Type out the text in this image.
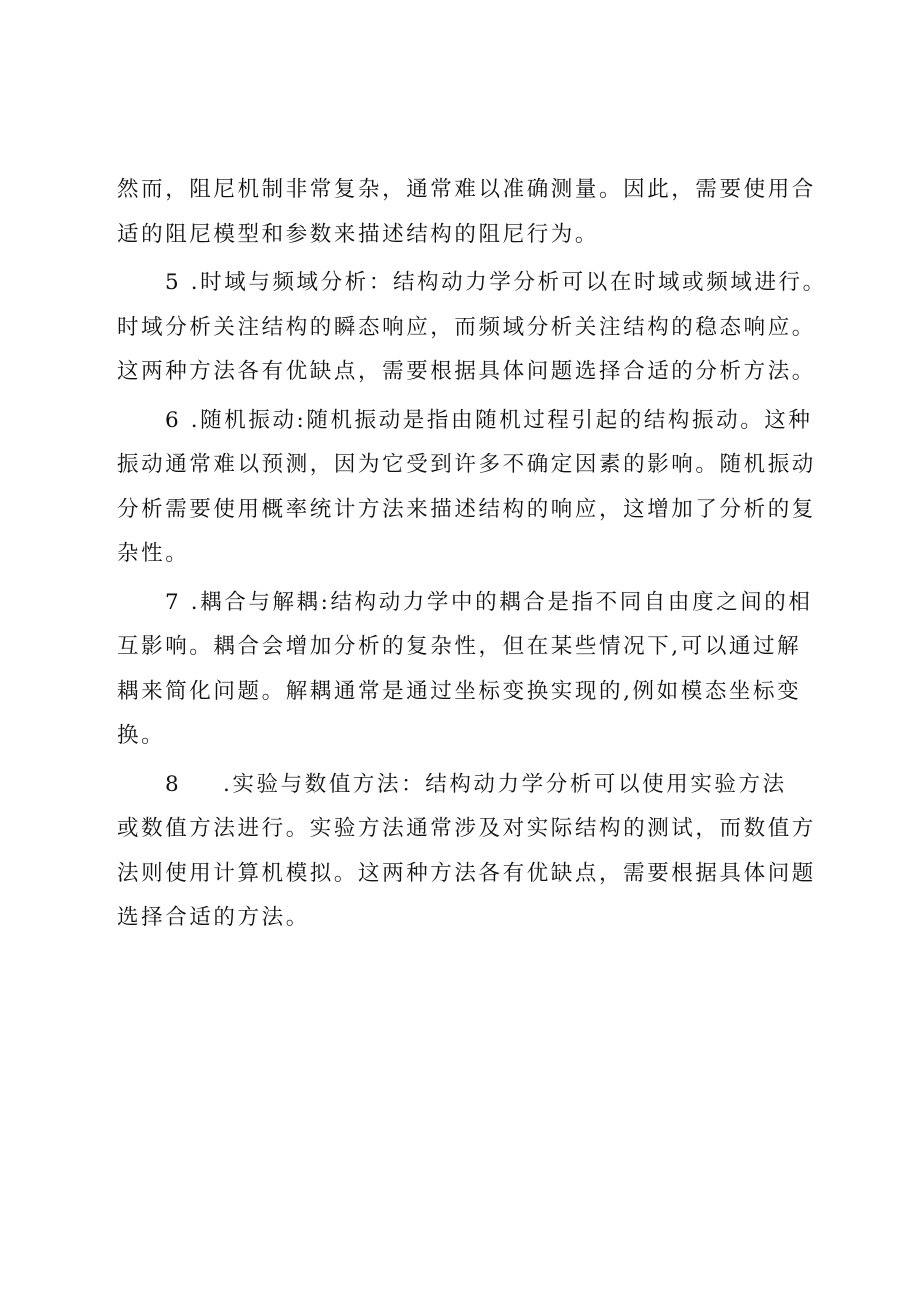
然而，阻尼机制非常复杂，通常难以准确测量。因此，需要使用合
适的阻尼模型和参数来描述结构的阻尼行为。
5 .时域与频域分析：结构动力学分析可以在时域或频域进行。
时域分析关注结构的瞬态响应，而频域分析关注结构的稳态响应。
这两种方法各有优缺点，需要根据具体问题选择合适的分析方法。
6 .随机振动:随机振动是指由随机过程引起的结构振动。这种
振动通常难以预测，因为它受到许多不确定因素的影响。随机振动
分析需要使用概率统计方法来描述结构的响应，这增加了分析的复
杂性。
7 .耦合与解耦:结构动力学中的耦合是指不同自由度之间的相
互影响。耦合会增加分析的复杂性，但在某些情况下,可以通过解
耦来简化问题。解耦通常是通过坐标变换实现的,例如模态坐标变
换。
8 .实验与数值方法：结构动力学分析可以使用实验方法
或数值方法进行。实验方法通常涉及对实际结构的测试，而数值方
法则使用计算机模拟。这两种方法各有优缺点，需要根据具体问题
选择合适的方法。
